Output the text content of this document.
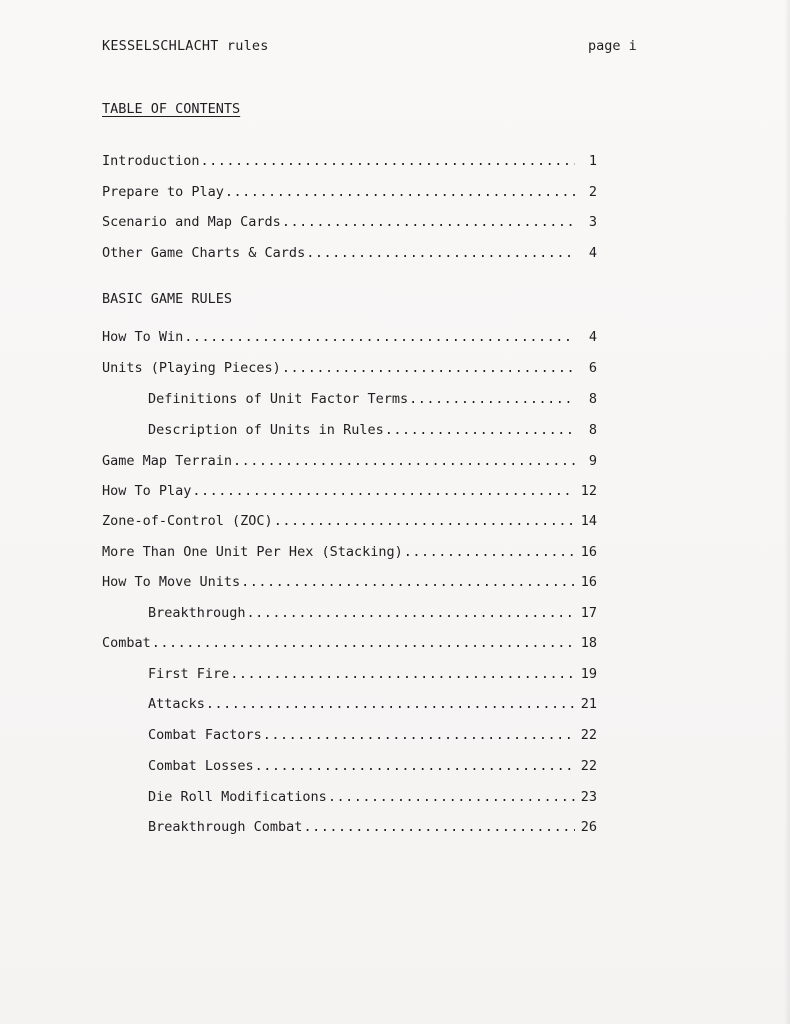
KESSELSCHLACHT rules	page i
TABLE OF CONTENTS
Introduction .....	1
Prepare to Play .....	2
Scenario and Map Cards .....	3
Other Game Charts & Cards .....	4
BASIC GAME RULES
How To Win .....	4
Units (Playing Pieces) .....	6
Definitions of Unit Factor Terms .....	8
Description of Units in Rules .....	8
Game Map Terrain .....	9
How To Play .....	12
Zone-of-Control (ZOC) .....	14
More Than One Unit Per Hex (Stacking) .....	16
How To Move Units .....	16
Breakthrough .....	17
Combat .....	18
First Fire .....	19
Attacks .....	21
Combat Factors .....	22
Combat Losses .....	22
Die Roll Modifications .....	23
Breakthrough Combat .....	26
